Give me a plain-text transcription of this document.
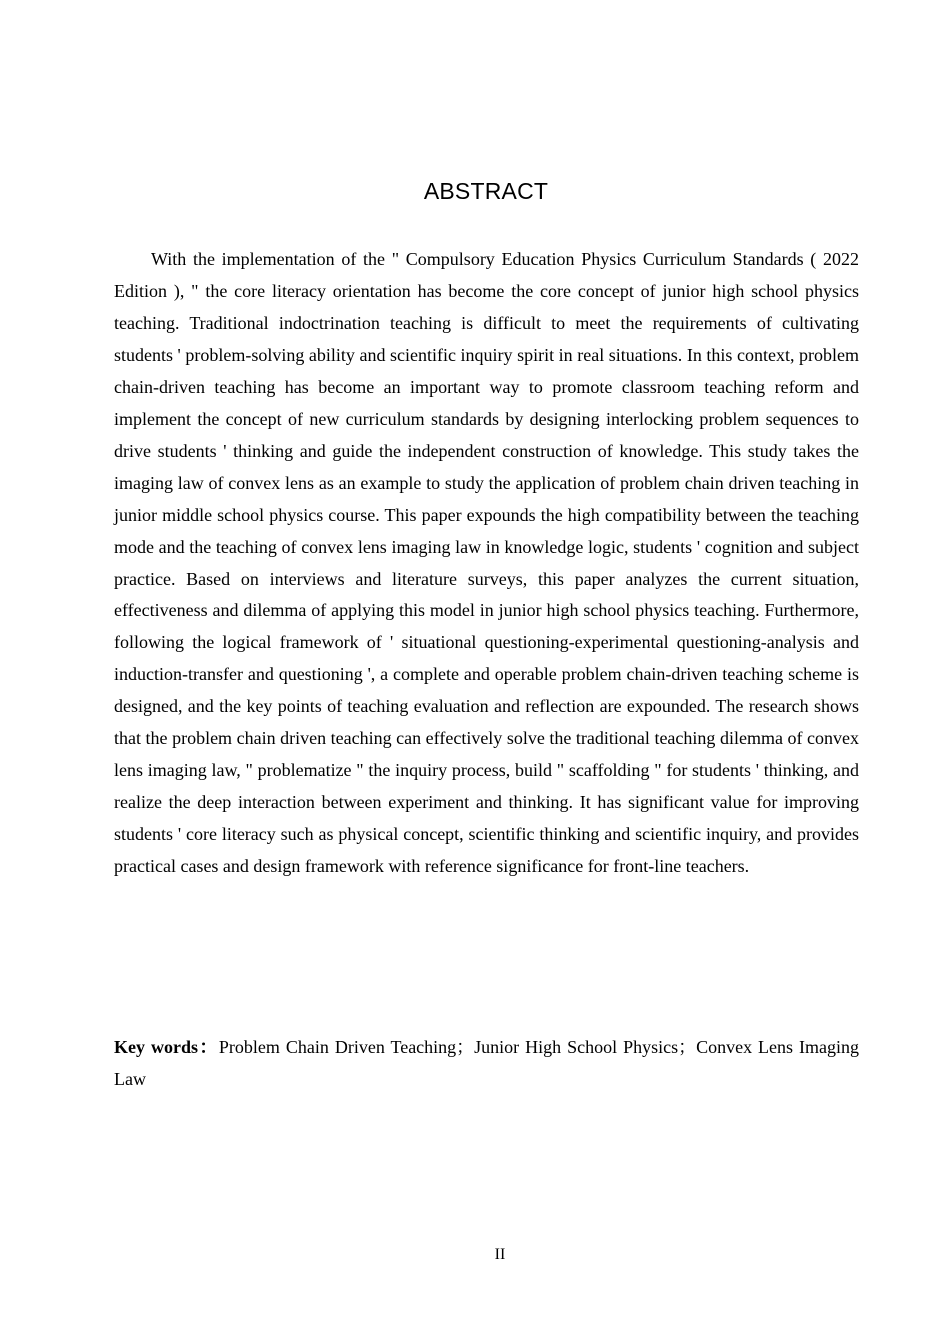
ABSTRACT

With the implementation of the " Compulsory Education Physics Curriculum Standards ( 2022 Edition ), " the core literacy orientation has become the core concept of junior high school physics teaching. Traditional indoctrination teaching is difficult to meet the requirements of cultivating students ' problem-solving ability and scientific inquiry spirit in real situations. In this context, problem chain-driven teaching has become an important way to promote classroom teaching reform and implement the concept of new curriculum standards by designing interlocking problem sequences to drive students ' thinking and guide the independent construction of knowledge. This study takes the imaging law of convex lens as an example to study the application of problem chain driven teaching in junior middle school physics course. This paper expounds the high compatibility between the teaching mode and the teaching of convex lens imaging law in knowledge logic, students ' cognition and subject practice. Based on interviews and literature surveys, this paper analyzes the current situation, effectiveness and dilemma of applying this model in junior high school physics teaching. Furthermore, following the logical framework of ' situational questioning-experimental questioning-analysis and induction-transfer and questioning ', a complete and operable problem chain-driven teaching scheme is designed, and the key points of teaching evaluation and reflection are expounded. The research shows that the problem chain driven teaching can effectively solve the traditional teaching dilemma of convex lens imaging law, " problematize " the inquiry process, build " scaffolding " for students ' thinking, and realize the deep interaction between experiment and thinking. It has significant value for improving students ' core literacy such as physical concept, scientific thinking and scientific inquiry, and provides practical cases and design framework with reference significance for front-line teachers.

Key words：Problem Chain Driven Teaching；Junior High School Physics；Convex Lens Imaging Law

II
